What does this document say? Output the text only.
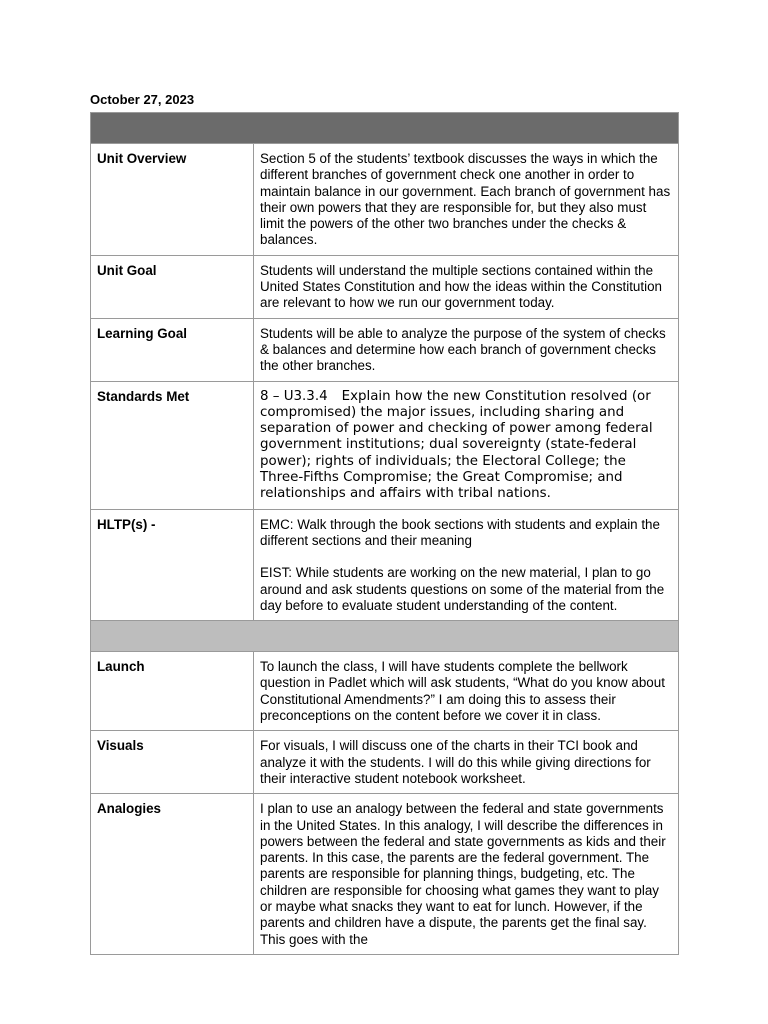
October 27, 2023

Unit Overview	Section 5 of the students’ textbook discusses the ways in which the different branches of government check one another in order to maintain balance in our government. Each branch of government has their own powers that they are responsible for, but they also must limit the powers of the other two branches under the checks & balances.
Unit Goal	Students will understand the multiple sections contained within the United States Constitution and how the ideas within the Constitution are relevant to how we run our government today.
Learning Goal	Students will be able to analyze the purpose of the system of checks & balances and determine how each branch of government checks the other branches.
Standards Met	8 – U3.3.4 Explain how the new Constitution resolved (or compromised) the major issues, including sharing and separation of power and checking of power among federal government institutions; dual sovereignty (state-federal power); rights of individuals; the Electoral College; the Three-Fifths Compromise; the Great Compromise; and relationships and affairs with tribal nations.
HLTP(s) -	EMC: Walk through the book sections with students and explain the different sections and their meaning
EIST: While students are working on the new material, I plan to go around and ask students questions on some of the material from the day before to evaluate student understanding of the content.

Launch	To launch the class, I will have students complete the bellwork question in Padlet which will ask students, “What do you know about Constitutional Amendments?” I am doing this to assess their preconceptions on the content before we cover it in class.
Visuals	For visuals, I will discuss one of the charts in their TCI book and analyze it with the students. I will do this while giving directions for their interactive student notebook worksheet.
Analogies	I plan to use an analogy between the federal and state governments in the United States. In this analogy, I will describe the differences in powers between the federal and state governments as kids and their parents. In this case, the parents are the federal government. The parents are responsible for planning things, budgeting, etc. The children are responsible for choosing what games they want to play or maybe what snacks they want to eat for lunch. However, if the parents and children have a dispute, the parents get the final say. This goes with the
